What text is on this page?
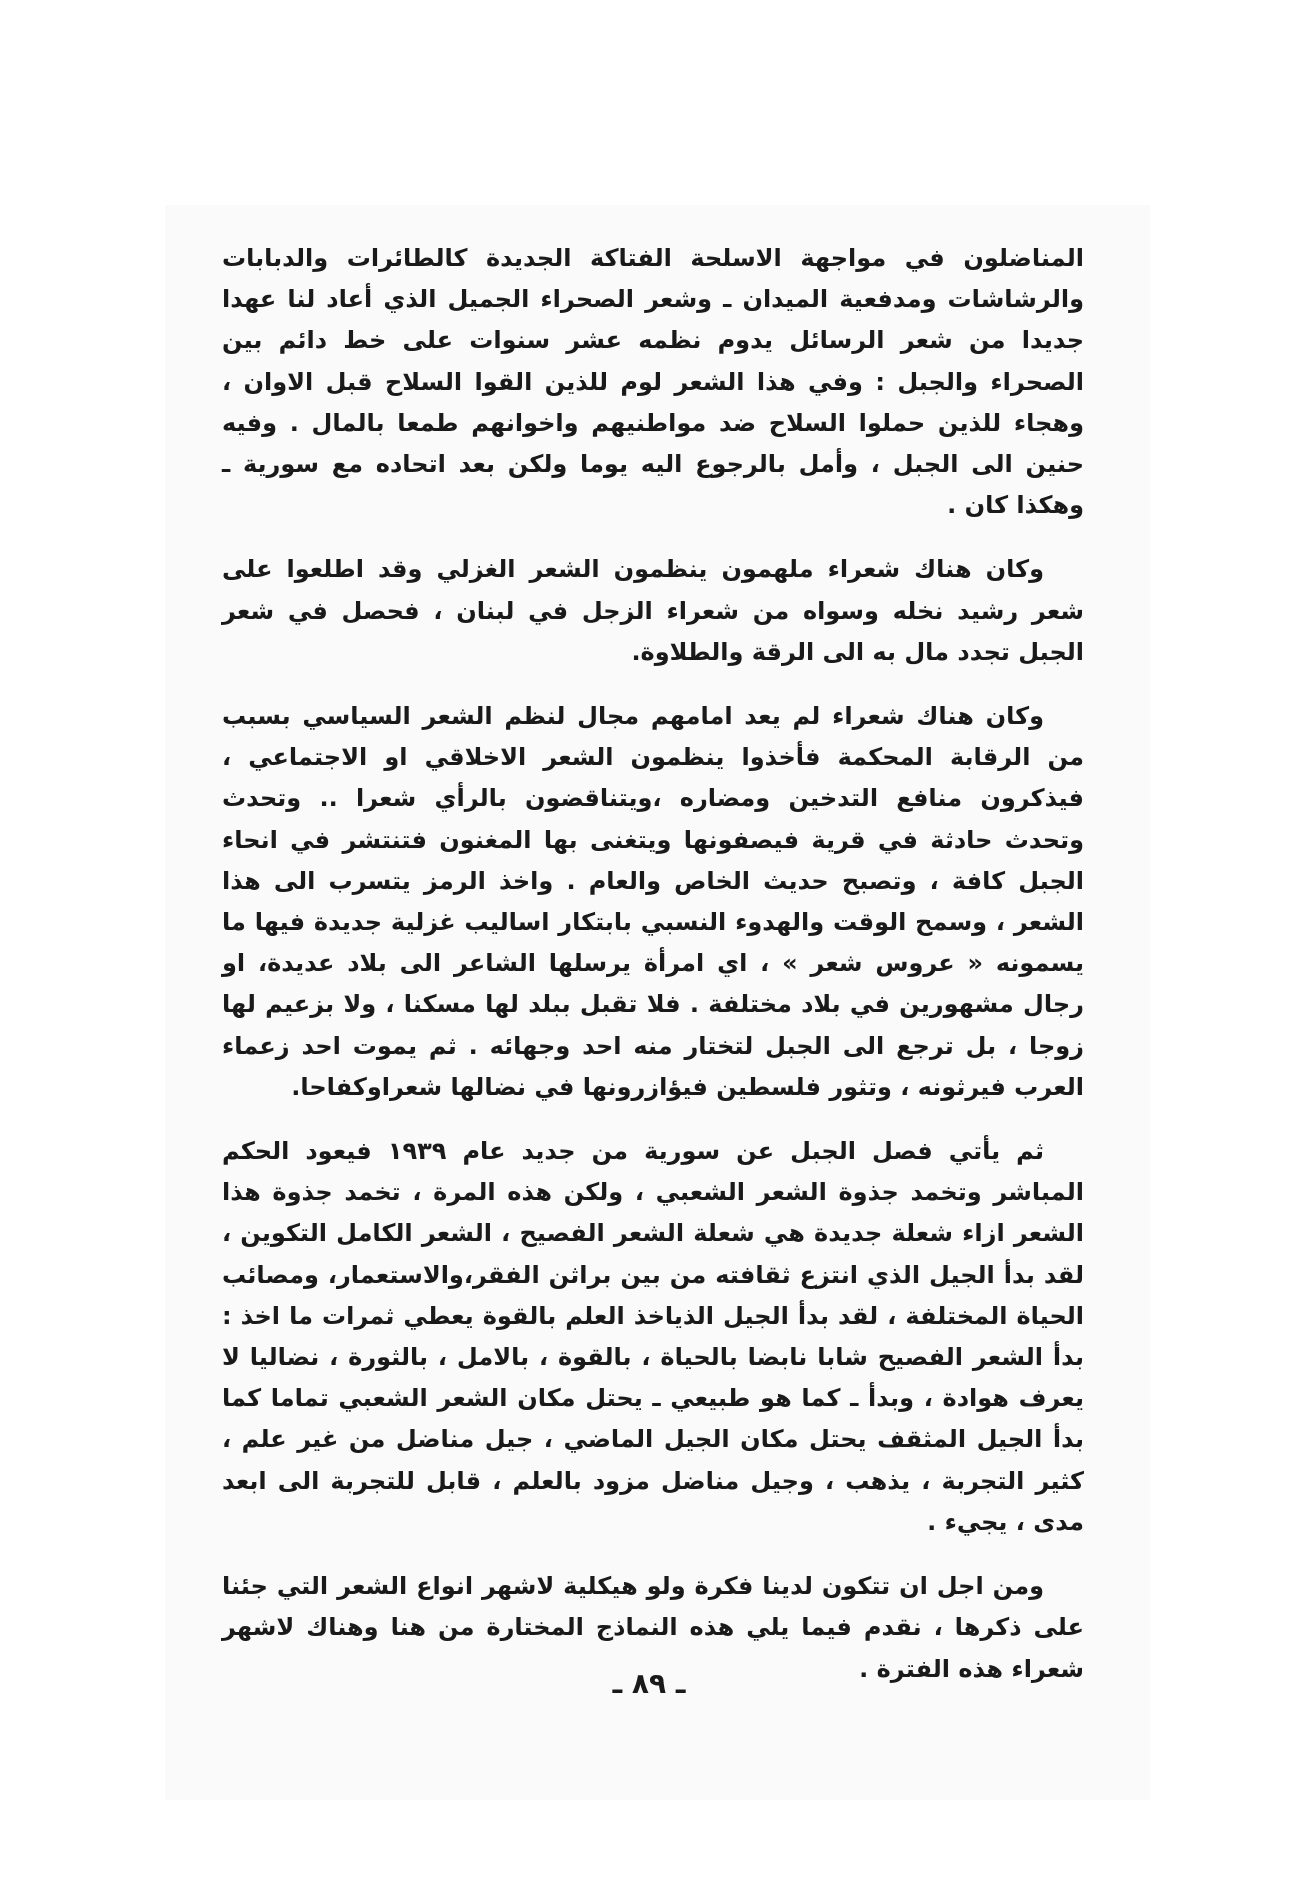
المناضلون في مواجهة الاسلحة الفتاكة الجديدة كالطائرات والدبابات والرشاشات ومدفعية الميدان ـ وشعر الصحراء الجميل الذي أعاد لنا عهدا جديدا من شعر الرسائل يدوم نظمه عشر سنوات على خط دائم بين الصحراء والجبل : وفي هذا الشعر لوم للذين القوا السلاح قبل الاوان ، وهجاء للذين حملوا السلاح ضد مواطنيهم واخوانهم طمعا بالمال . وفيه حنين الى الجبل ، وأمل بالرجوع اليه يوما ولكن بعد اتحاده مع سورية ـ وهكذا كان .

وكان هناك شعراء ملهمون ينظمون الشعر الغزلي وقد اطلعوا على شعر رشيد نخله وسواه من شعراء الزجل في لبنان ، فحصل في شعر الجبل تجدد مال به الى الرقة والطلاوة.

وكان هناك شعراء لم يعد امامهم مجال لنظم الشعر السياسي بسبب من الرقابة المحكمة فأخذوا ينظمون الشعر الاخلاقي او الاجتماعي ، فيذكرون منافع التدخين ومضاره ،ويتناقضون بالرأي شعرا .. وتحدث وتحدث حادثة في قرية فيصفونها ويتغنى بها المغنون فتنتشر في انحاء الجبل كافة ، وتصبح حديث الخاص والعام . واخذ الرمز يتسرب الى هذا الشعر ، وسمح الوقت والهدوء النسبي بابتكار اساليب غزلية جديدة فيها ما يسمونه « عروس شعر » ، اي امرأة يرسلها الشاعر الى بلاد عديدة، او رجال مشهورين في بلاد مختلفة . فلا تقبل ببلد لها مسكنا ، ولا بزعيم لها زوجا ، بل ترجع الى الجبل لتختار منه احد وجهائه . ثم يموت احد زعماء العرب فيرثونه ، وتثور فلسطين فيؤازرونها في نضالها شعراوكفاحا.

ثم يأتي فصل الجبل عن سورية من جديد عام ١٩٣٩ فيعود الحكم المباشر وتخمد جذوة الشعر الشعبي ، ولكن هذه المرة ، تخمد جذوة هذا الشعر ازاء شعلة جديدة هي شعلة الشعر الفصيح ، الشعر الكامل التكوين ، لقد بدأ الجيل الذي انتزع ثقافته من بين براثن الفقر،والاستعمار، ومصائب الحياة المختلفة ، لقد بدأ الجيل الذياخذ العلم بالقوة يعطي ثمرات ما اخذ : بدأ الشعر الفصيح شابا نابضا بالحياة ، بالقوة ، بالامل ، بالثورة ، نضاليا لا يعرف هوادة ، وبدأ ـ كما هو طبيعي ـ يحتل مكان الشعر الشعبي تماما كما بدأ الجيل المثقف يحتل مكان الجيل الماضي ، جيل مناضل من غير علم ، كثير التجربة ، يذهب ، وجيل مناضل مزود بالعلم ، قابل للتجربة الى ابعد مدى ، يجيء .

ومن اجل ان تتكون لدينا فكرة ولو هيكلية لاشهر انواع الشعر التي جئنا على ذكرها ، نقدم فيما يلي هذه النماذج المختارة من هنا وهناك لاشهر شعراء هذه الفترة .

ـ ٨٩ ـ
